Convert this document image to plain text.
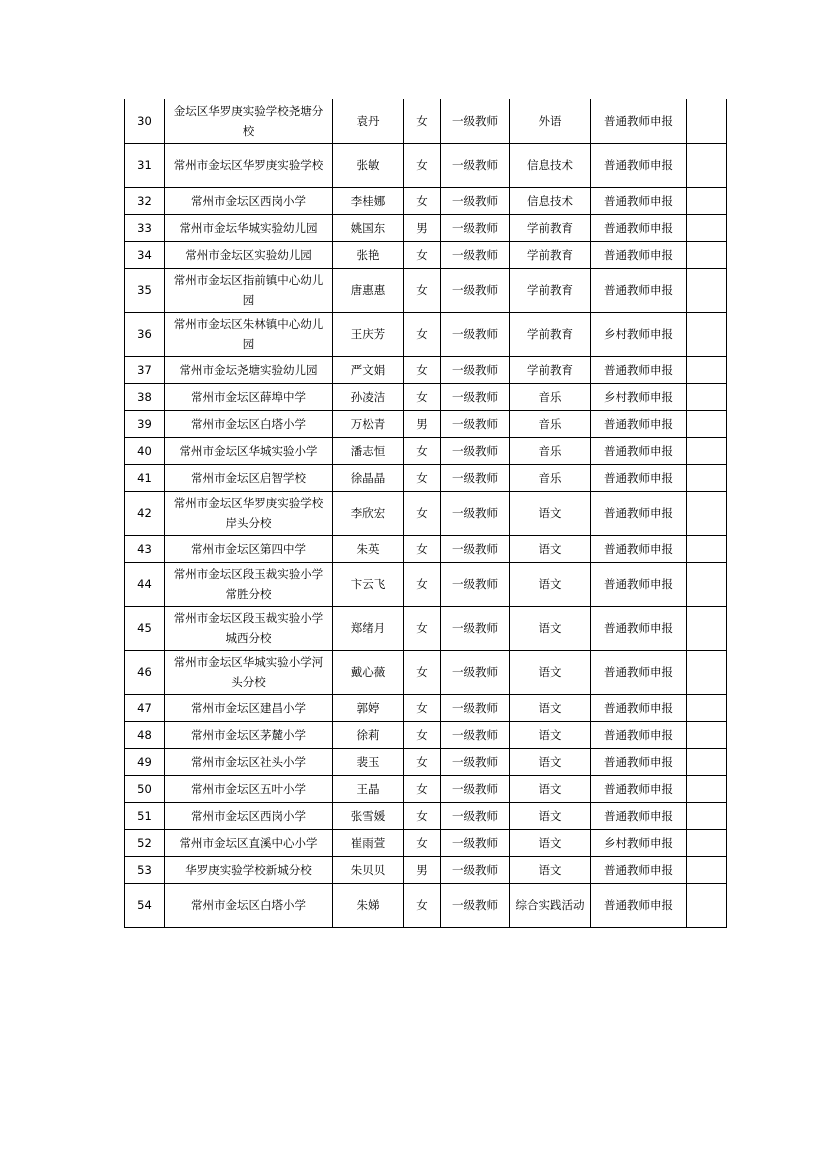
30	金坛区华罗庚实验学校尧塘分校	袁丹	女	一级教师	外语	普通教师申报	
31	常州市金坛区华罗庚实验学校	张敏	女	一级教师	信息技术	普通教师申报	
32	常州市金坛区西岗小学	李桂娜	女	一级教师	信息技术	普通教师申报	
33	常州市金坛华城实验幼儿园	姚国东	男	一级教师	学前教育	普通教师申报	
34	常州市金坛区实验幼儿园	张艳	女	一级教师	学前教育	普通教师申报	
35	常州市金坛区指前镇中心幼儿园	唐惠惠	女	一级教师	学前教育	普通教师申报	
36	常州市金坛区朱林镇中心幼儿园	王庆芳	女	一级教师	学前教育	乡村教师申报	
37	常州市金坛尧塘实验幼儿园	严文娟	女	一级教师	学前教育	普通教师申报	
38	常州市金坛区薛埠中学	孙凌洁	女	一级教师	音乐	乡村教师申报	
39	常州市金坛区白塔小学	万松青	男	一级教师	音乐	普通教师申报	
40	常州市金坛区华城实验小学	潘志恒	女	一级教师	音乐	普通教师申报	
41	常州市金坛区启智学校	徐晶晶	女	一级教师	音乐	普通教师申报	
42	常州市金坛区华罗庚实验学校岸头分校	李欣宏	女	一级教师	语文	普通教师申报	
43	常州市金坛区第四中学	朱英	女	一级教师	语文	普通教师申报	
44	常州市金坛区段玉裁实验小学常胜分校	卞云飞	女	一级教师	语文	普通教师申报	
45	常州市金坛区段玉裁实验小学城西分校	郑绪月	女	一级教师	语文	普通教师申报	
46	常州市金坛区华城实验小学河头分校	戴心薇	女	一级教师	语文	普通教师申报	
47	常州市金坛区建昌小学	郭婷	女	一级教师	语文	普通教师申报	
48	常州市金坛区茅麓小学	徐莉	女	一级教师	语文	普通教师申报	
49	常州市金坛区社头小学	裴玉	女	一级教师	语文	普通教师申报	
50	常州市金坛区五叶小学	王晶	女	一级教师	语文	普通教师申报	
51	常州市金坛区西岗小学	张雪媛	女	一级教师	语文	普通教师申报	
52	常州市金坛区直溪中心小学	崔雨萱	女	一级教师	语文	乡村教师申报	
53	华罗庚实验学校新城分校	朱贝贝	男	一级教师	语文	普通教师申报	
54	常州市金坛区白塔小学	朱娣	女	一级教师	综合实践活动	普通教师申报	
